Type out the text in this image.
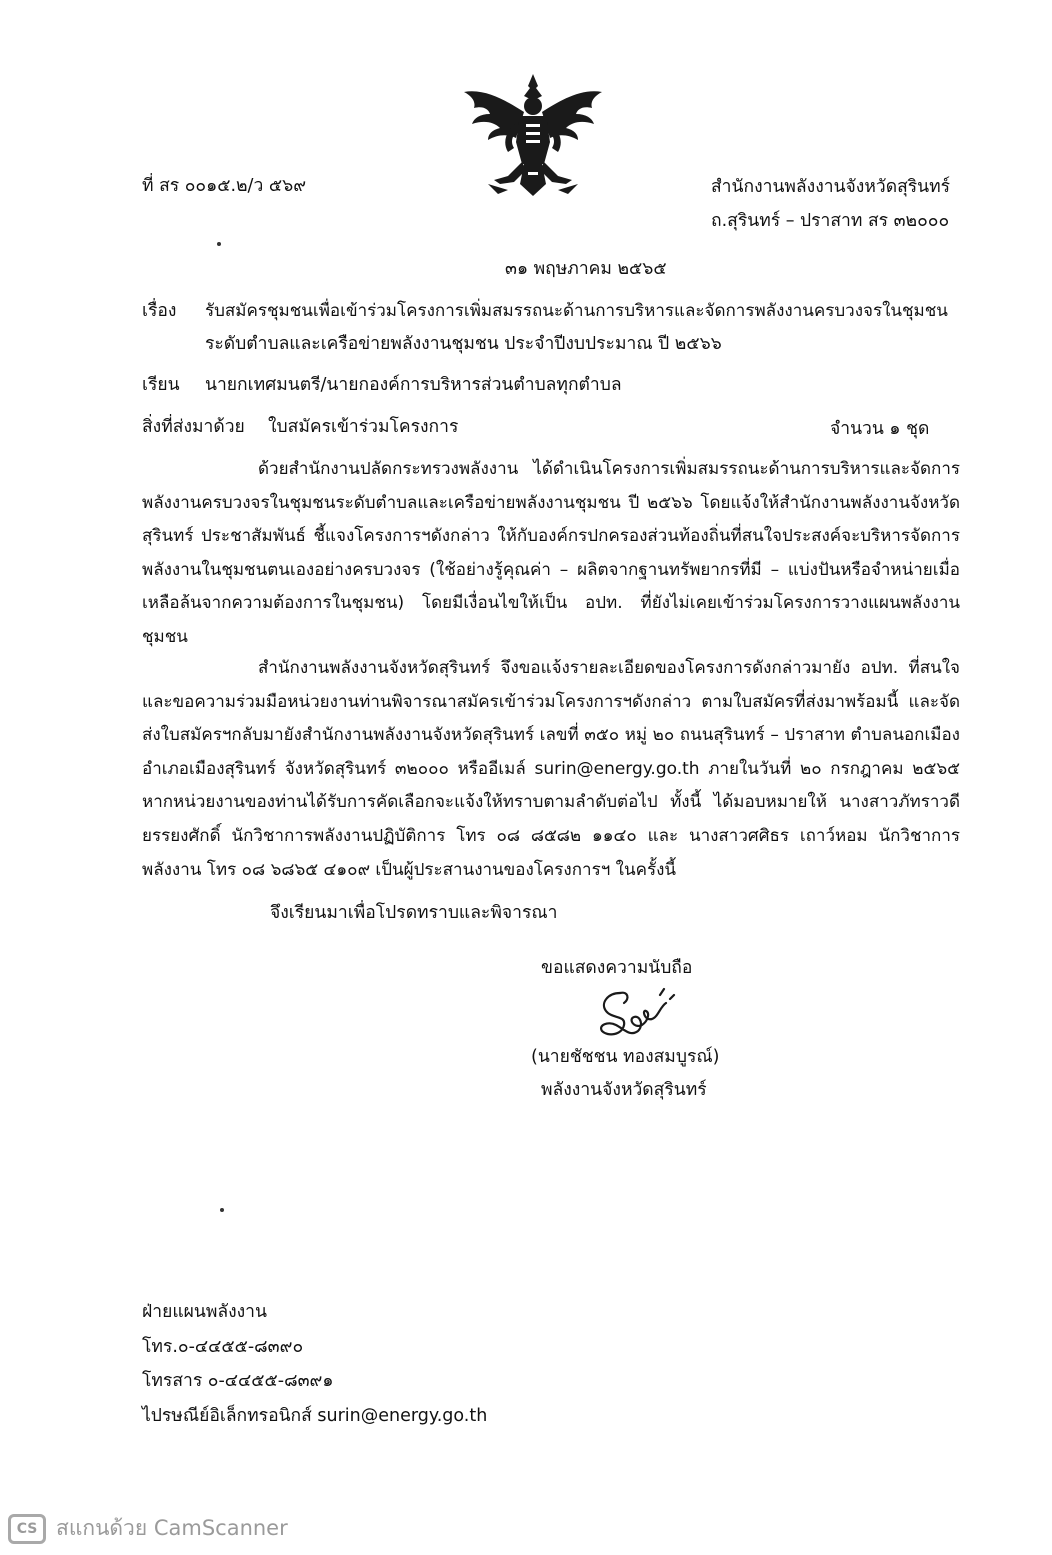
ที่ สร ๐๐๑๕.๒/ว ๕๖๙	สำนักงานพลังงานจังหวัดสุรินทร์
ถ.สุรินทร์ – ปราสาท สร ๓๒๐๐๐
๓๑ พฤษภาคม ๒๕๖๕
เรื่อง รับสมัครชุมชนเพื่อเข้าร่วมโครงการเพิ่มสมรรถนะด้านการบริหารและจัดการพลังงานครบวงจรในชุมชน
ระดับตำบลและเครือข่ายพลังงานชุมชน ประจำปีงบประมาณ ปี ๒๕๖๖
เรียน นายกเทศมนตรี/นายกองค์การบริหารส่วนตำบลทุกตำบล
สิ่งที่ส่งมาด้วย ใบสมัครเข้าร่วมโครงการ	จำนวน ๑ ชุด
ด้วยสำนักงานปลัดกระทรวงพลังงาน ได้ดำเนินโครงการเพิ่มสมรรถนะด้านการบริหารและจัดการพลังงานครบวงจรในชุมชนระดับตำบลและเครือข่ายพลังงานชุมชน ปี ๒๕๖๖ โดยแจ้งให้สำนักงานพลังงานจังหวัดสุรินทร์ ประชาสัมพันธ์ ชี้แจงโครงการฯดังกล่าว ให้กับองค์กรปกครองส่วนท้องถิ่นที่สนใจประสงค์จะบริหารจัดการพลังงานในชุมชนตนเองอย่างครบวงจร (ใช้อย่างรู้คุณค่า – ผลิตจากฐานทรัพยากรที่มี – แบ่งปันหรือจำหน่ายเมื่อเหลือล้นจากความต้องการในชุมชน) โดยมีเงื่อนไขให้เป็น อปท. ที่ยังไม่เคยเข้าร่วมโครงการวางแผนพลังงานชุมชน
สำนักงานพลังงานจังหวัดสุรินทร์ จึงขอแจ้งรายละเอียดของโครงการดังกล่าวมายัง อปท. ที่สนใจและขอความร่วมมือหน่วยงานท่านพิจารณาสมัครเข้าร่วมโครงการฯดังกล่าว ตามใบสมัครที่ส่งมาพร้อมนี้ และจัดส่งใบสมัครฯกลับมายังสำนักงานพลังงานจังหวัดสุรินทร์ เลขที่ ๓๕๐ หมู่ ๒๐ ถนนสุรินทร์ – ปราสาท ตำบลนอกเมือง อำเภอเมืองสุรินทร์ จังหวัดสุรินทร์ ๓๒๐๐๐ หรืออีเมล์ surin@energy.go.th ภายในวันที่ ๒๐ กรกฎาคม ๒๕๖๕ หากหน่วยงานของท่านได้รับการคัดเลือกจะแจ้งให้ทราบตามลำดับต่อไป ทั้งนี้ ได้มอบหมายให้ นางสาวภัทราวดี ยรรยงศักดิ์ นักวิชาการพลังงานปฏิบัติการ โทร ๐๘ ๘๕๘๒ ๑๑๔๐ และ นางสาวศศิธร เถาว์หอม นักวิชาการพลังงาน โทร ๐๘ ๖๘๖๕ ๔๑๐๙ เป็นผู้ประสานงานของโครงการฯ ในครั้งนี้
จึงเรียนมาเพื่อโปรดทราบและพิจารณา
ขอแสดงความนับถือ
(นายชัชชน ทองสมบูรณ์)
พลังงานจังหวัดสุรินทร์
ฝ่ายแผนพลังงาน
โทร.๐-๔๔๕๕-๘๓๙๐
โทรสาร ๐-๔๔๕๕-๘๓๙๑
ไปรษณีย์อิเล็กทรอนิกส์ surin@energy.go.th
CS สแกนด้วย CamScanner
